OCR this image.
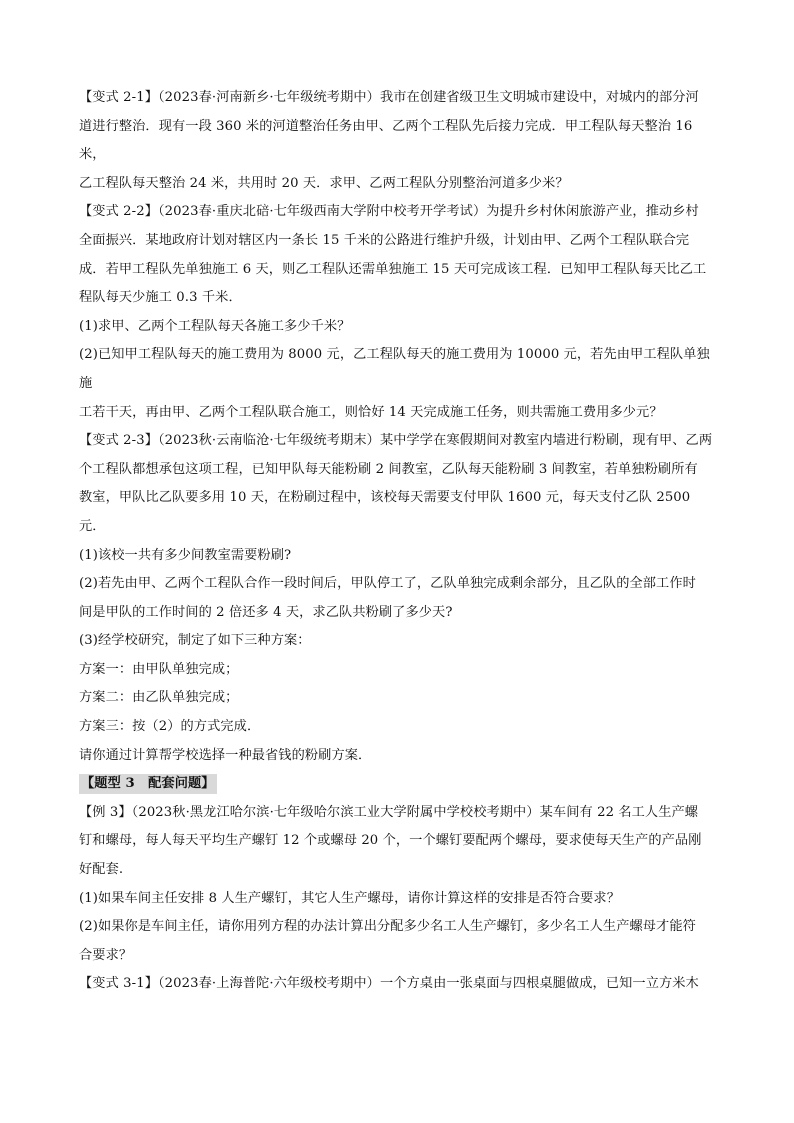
【变式 2-1】（2023春·河南新乡·七年级统考期中）我市在创建省级卫生文明城市建设中，对城内的部分河

道进行整治．现有一段 360 米的河道整治任务由甲、乙两个工程队先后接力完成．甲工程队每天整治 16 米，

乙工程队每天整治 24 米，共用时 20 天．求甲、乙两工程队分别整治河道多少米？

【变式 2-2】（2023春·重庆北碚·七年级西南大学附中校考开学考试）为提升乡村休闲旅游产业，推动乡村

全面振兴．某地政府计划对辖区内一条长 15 千米的公路进行维护升级，计划由甲、乙两个工程队联合完

成．若甲工程队先单独施工 6 天，则乙工程队还需单独施工 15 天可完成该工程．已知甲工程队每天比乙工

程队每天少施工 0.3 千米．

(1)求甲、乙两个工程队每天各施工多少千米？

(2)已知甲工程队每天的施工费用为 8000 元，乙工程队每天的施工费用为 10000 元，若先由甲工程队单独施

工若干天，再由甲、乙两个工程队联合施工，则恰好 14 天完成施工任务，则共需施工费用多少元？

【变式 2-3】（2023秋·云南临沧·七年级统考期末）某中学学在寒假期间对教室内墙进行粉刷，现有甲、乙两

个工程队都想承包这项工程，已知甲队每天能粉刷 2 间教室，乙队每天能粉刷 3 间教室，若单独粉刷所有

教室，甲队比乙队要多用 10 天，在粉刷过程中，该校每天需要支付甲队 1600 元，每天支付乙队 2500 元．

(1)该校一共有多少间教室需要粉刷?

(2)若先由甲、乙两个工程队合作一段时间后，甲队停工了，乙队单独完成剩余部分，且乙队的全部工作时

间是甲队的工作时间的 2 倍还多 4 天，求乙队共粉刷了多少天?

(3)经学校研究，制定了如下三种方案：

方案一：由甲队单独完成；

方案二：由乙队单独完成；

方案三：按（2）的方式完成．

请你通过计算帮学校选择一种最省钱的粉刷方案．

【题型 3　配套问题】

【例 3】（2023秋·黑龙江哈尔滨·七年级哈尔滨工业大学附属中学校校考期中）某车间有 22 名工人生产螺

钉和螺母，每人每天平均生产螺钉 12 个或螺母 20 个，一个螺钉要配两个螺母，要求使每天生产的产品刚

好配套.

(1)如果车间主任安排 8 人生产螺钉，其它人生产螺母，请你计算这样的安排是否符合要求？

(2)如果你是车间主任，请你用列方程的办法计算出分配多少名工人生产螺钉，多少名工人生产螺母才能符

合要求？

【变式 3-1】（2023春·上海普陀·六年级校考期中）一个方桌由一张桌面与四根桌腿做成，已知一立方米木
